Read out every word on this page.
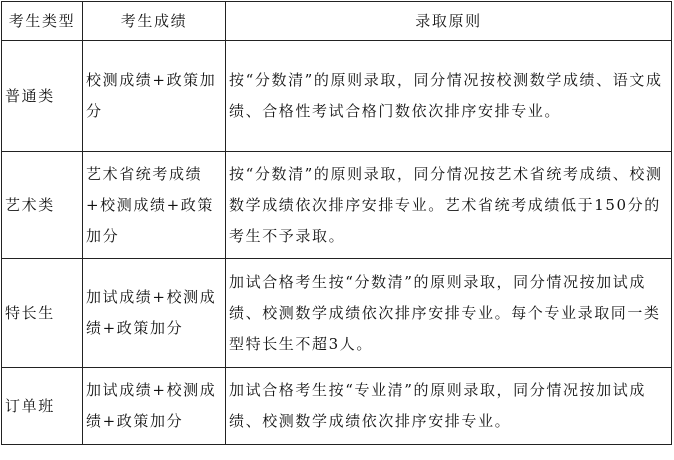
考生类型	考生成绩	录取原则

普通类	校测成绩+政策加分	按“分数清”的原则录取，同分情况按校测数学成绩、语文成绩、合格性考试合格门数依次排序安排专业。

艺术类	艺术省统考成绩+校测成绩+政策加分	按“分数清”的原则录取，同分情况按艺术省统考成绩、校测数学成绩依次排序安排专业。艺术省统考成绩低于150分的考生不予录取。

特长生	加试成绩+校测成绩+政策加分	加试合格考生按“分数清”的原则录取，同分情况按加试成绩、校测数学成绩依次排序安排专业。每个专业录取同一类型特长生不超3人。

订单班	加试成绩+校测成绩+政策加分	加试合格考生按“专业清”的原则录取，同分情况按加试成绩、校测数学成绩依次排序安排专业。
